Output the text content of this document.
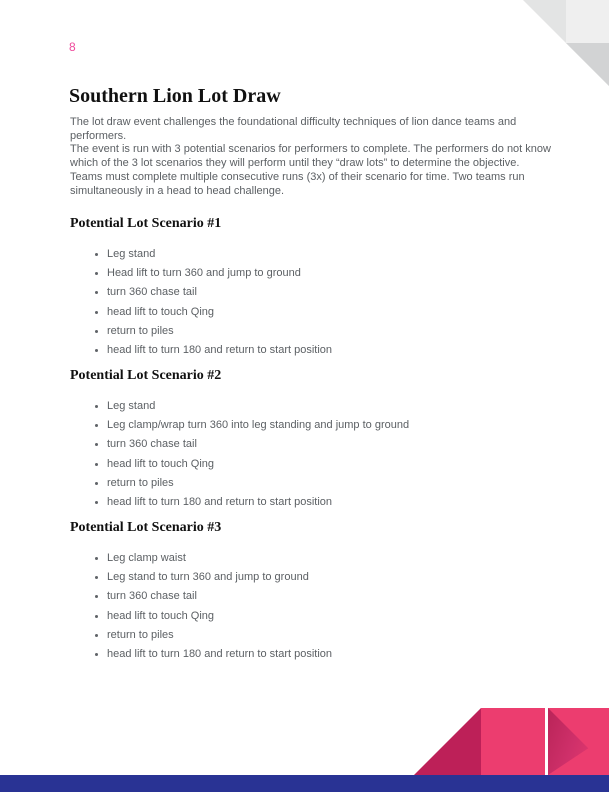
8
Southern Lion Lot Draw

The lot draw event challenges the foundational difficulty techniques of lion dance teams and performers.

The event is run with 3 potential scenarios for performers to complete. The performers do not know which of the 3 lot scenarios they will perform until they “draw lots” to determine the objective. Teams must complete multiple consecutive runs (3x) of their scenario for time. Two teams run simultaneously in a head to head challenge.

Potential Lot Scenario #1
• Leg stand
• Head lift to turn 360 and jump to ground
• turn 360 chase tail
• head lift to touch Qing
• return to piles
• head lift to turn 180 and return to start position
Potential Lot Scenario #2
• Leg stand
• Leg clamp/wrap turn 360 into leg standing and jump to ground
• turn 360 chase tail
• head lift to touch Qing
• return to piles
• head lift to turn 180 and return to start position
Potential Lot Scenario #3
• Leg clamp waist
• Leg stand to turn 360 and jump to ground
• turn 360 chase tail
• head lift to touch Qing
• return to piles
• head lift to turn 180 and return to start position
